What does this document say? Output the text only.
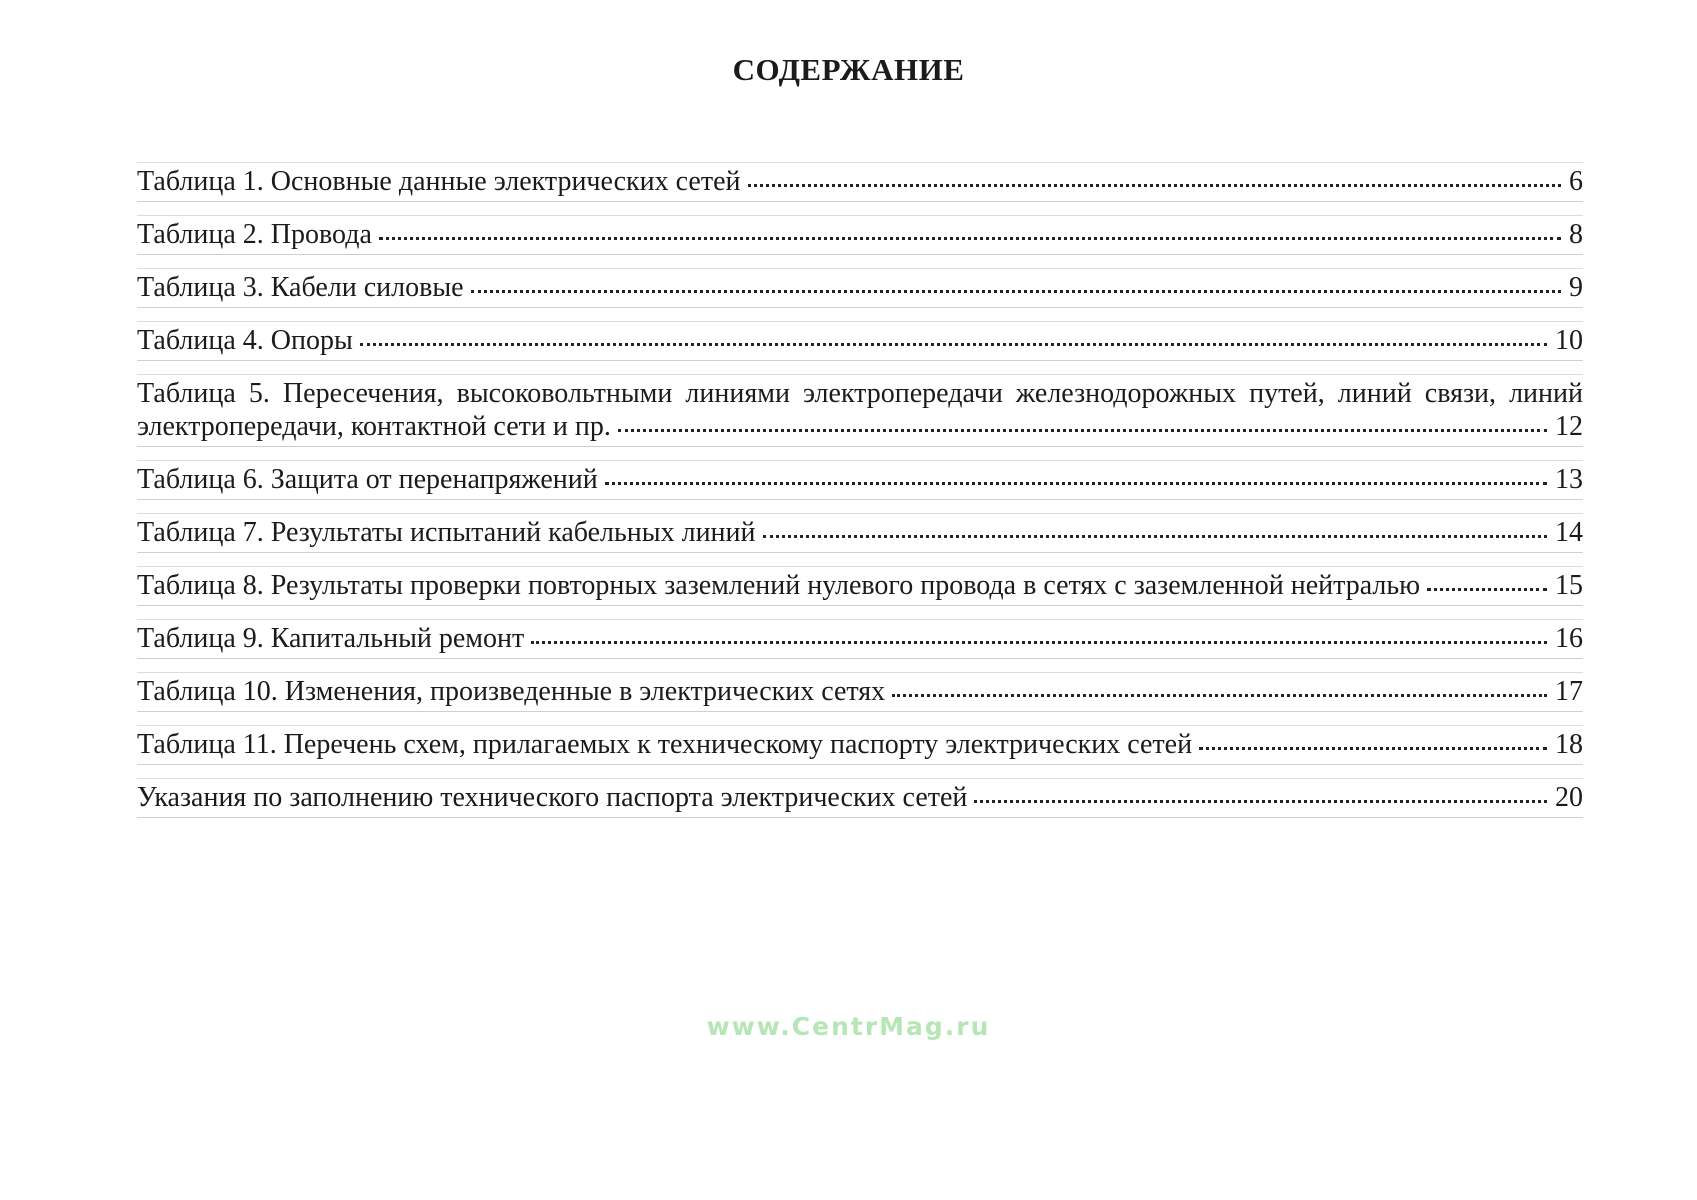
СОДЕРЖАНИЕ
Таблица 1. Основные данные электрических сетей	6
Таблица 2. Провода	8
Таблица 3. Кабели силовые	9
Таблица 4. Опоры	10
Таблица 5. Пересечения, высоковольтными линиями электропередачи железнодорожных путей, линий связи, линий
электропередачи, контактной сети и пр.	12
Таблица 6. Защита от перенапряжений	13
Таблица 7. Результаты испытаний кабельных линий	14
Таблица 8. Результаты проверки повторных заземлений нулевого провода в сетях с заземленной нейтралью	15
Таблица 9. Капитальный ремонт	16
Таблица 10. Изменения, произведенные в электрических сетях	17
Таблица 11. Перечень схем, прилагаемых к техническому паспорту электрических сетей	18
Указания по заполнению технического паспорта электрических сетей	20
www.CentrMag.ru
